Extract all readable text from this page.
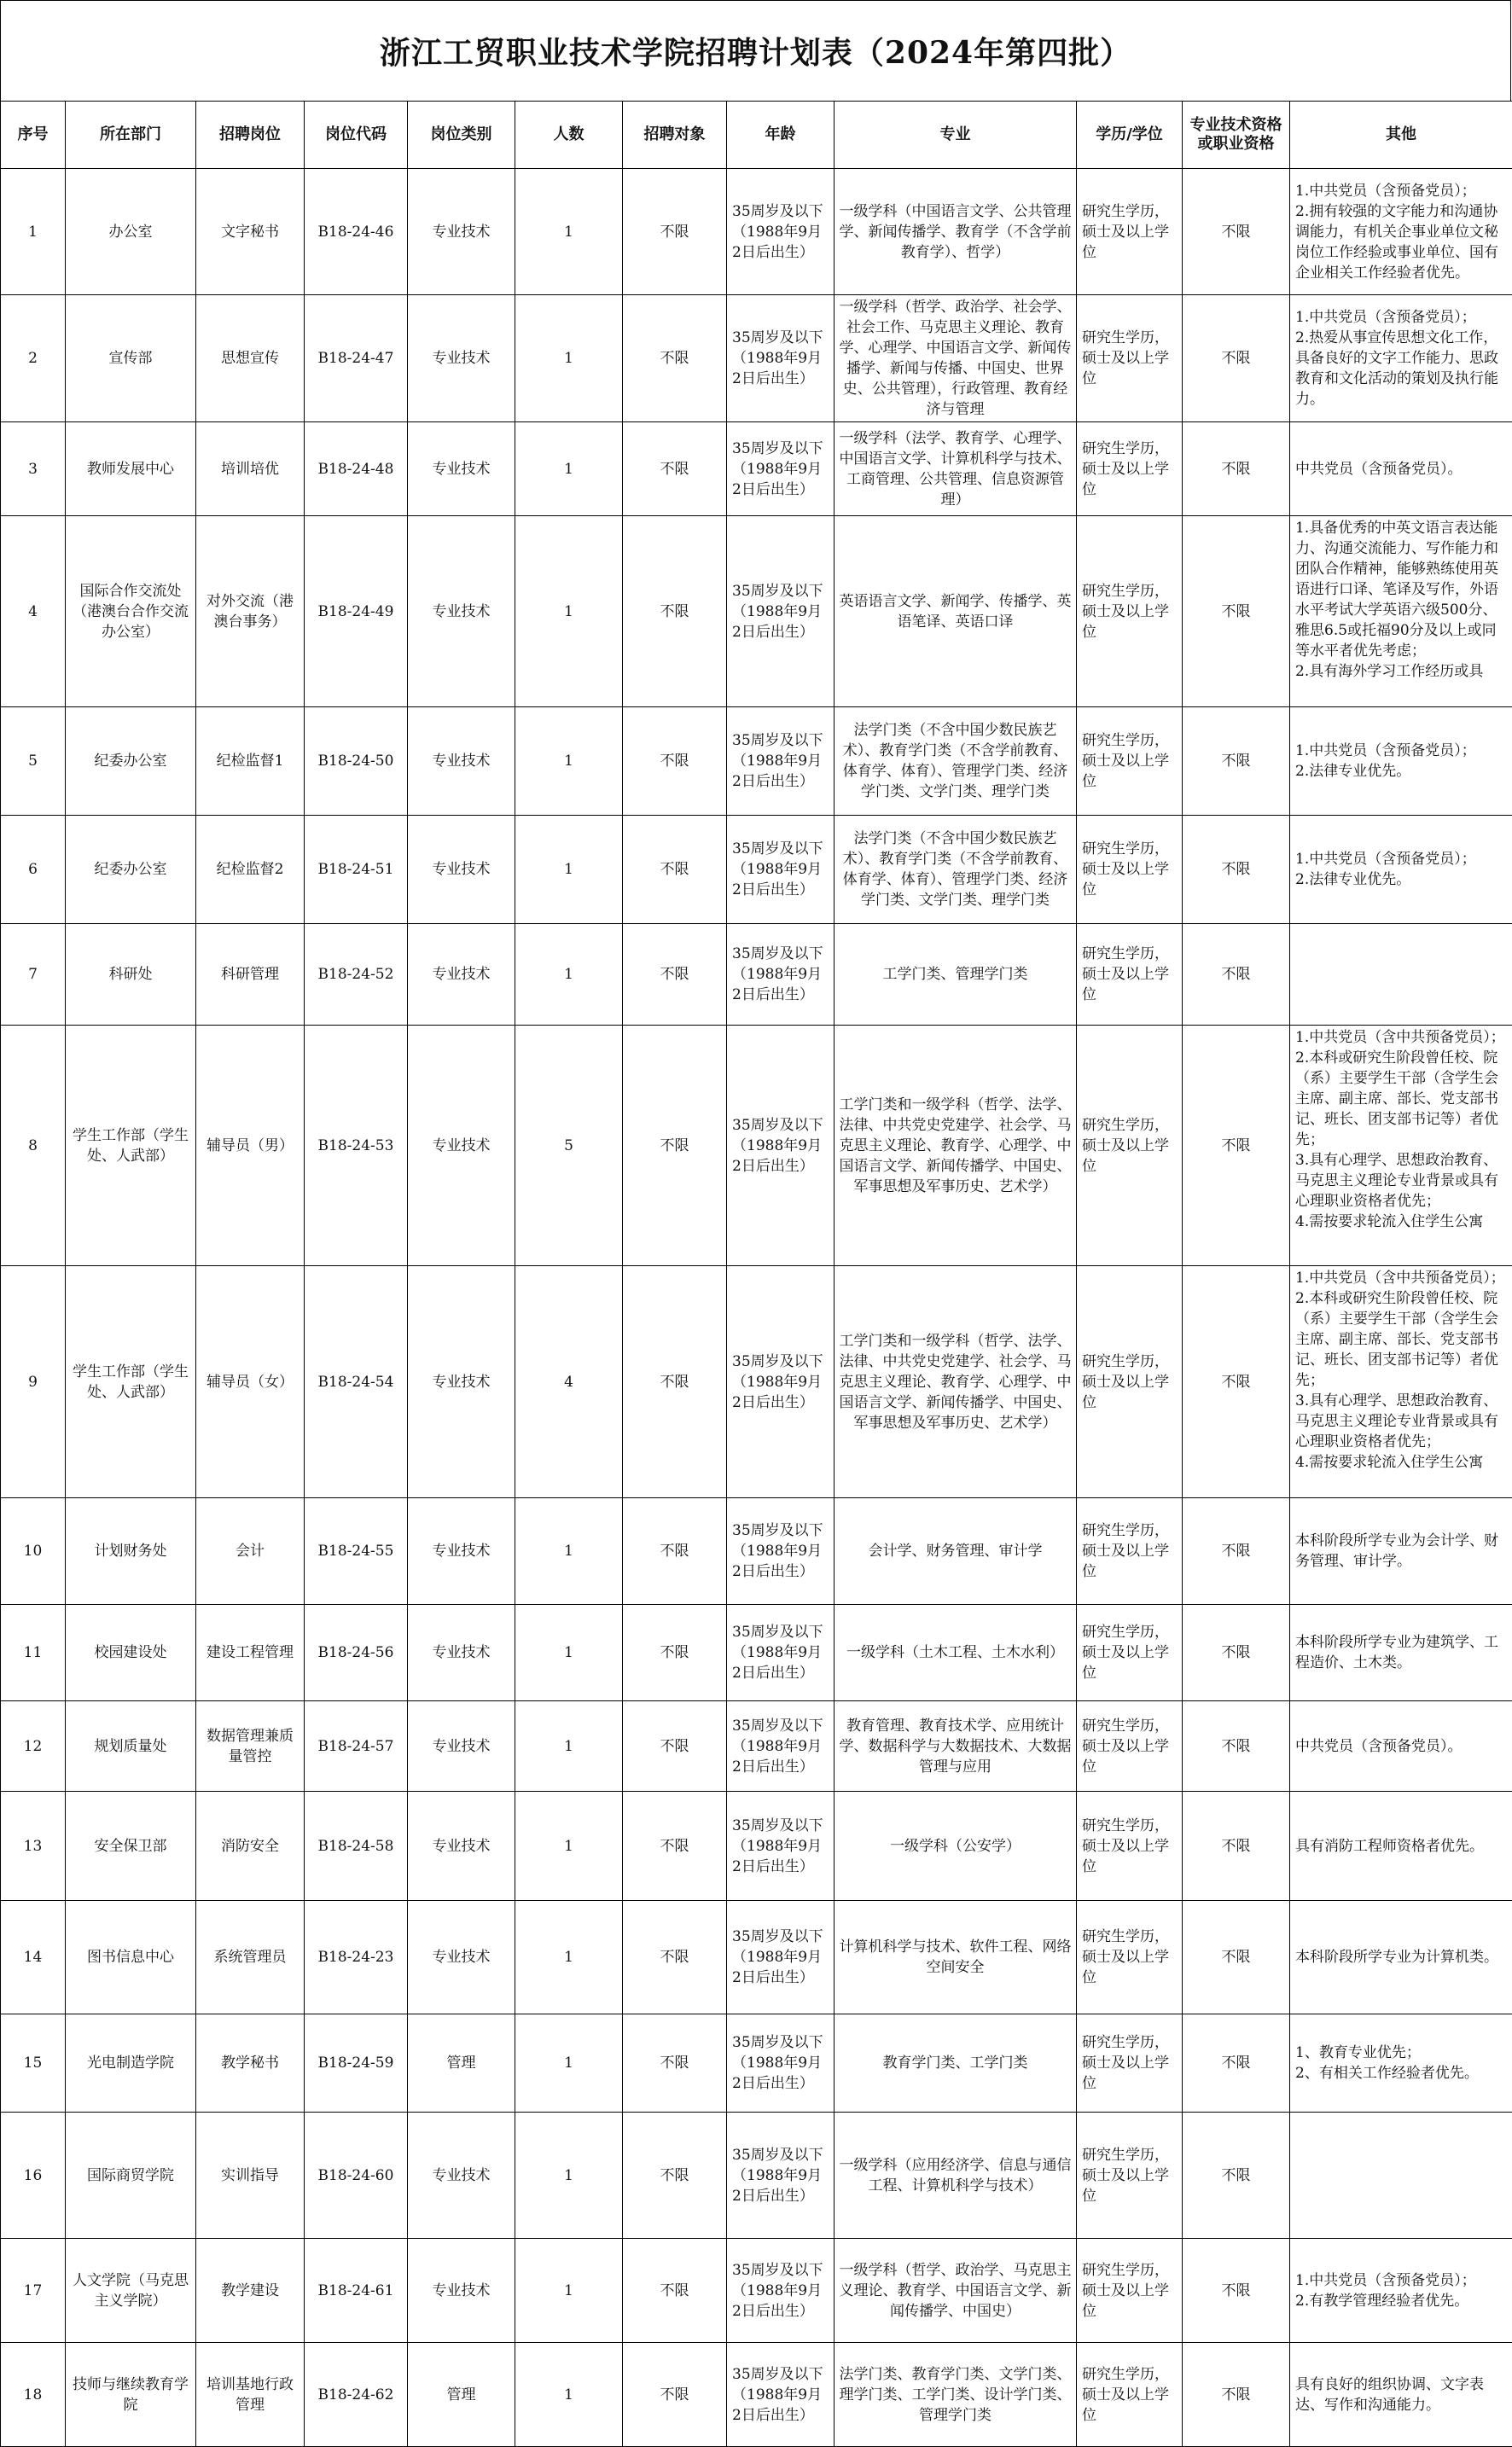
浙江工贸职业技术学院招聘计划表（2024年第四批）
序号	所在部门	招聘岗位	岗位代码	岗位类别	人数	招聘对象	年龄	专业	学历/学位	专业技术资格或职业资格	其他
1	办公室	文字秘书	B18-24-46	专业技术	1	不限	35周岁及以下（1988年9月2日后出生）	一级学科（中国语言文学、公共管理学、新闻传播学、教育学（不含学前教育学）、哲学）	研究生学历，硕士及以上学位	不限	1.中共党员（含预备党员）；
2.拥有较强的文字能力和沟通协调能力，有机关企事业单位文秘岗位工作经验或事业单位、国有企业相关工作经验者优先。
2	宣传部	思想宣传	B18-24-47	专业技术	1	不限	35周岁及以下（1988年9月2日后出生）	一级学科（哲学、政治学、社会学、社会工作、马克思主义理论、教育学、心理学、中国语言文学、新闻传播学、新闻与传播、中国史、世界史、公共管理），行政管理、教育经济与管理	研究生学历，硕士及以上学位	不限	1.中共党员（含预备党员）；
2.热爱从事宣传思想文化工作，具备良好的文字工作能力、思政教育和文化活动的策划及执行能力。
3	教师发展中心	培训培优	B18-24-48	专业技术	1	不限	35周岁及以下（1988年9月2日后出生）	一级学科（法学、教育学、心理学、中国语言文学、计算机科学与技术、工商管理、公共管理、信息资源管理）	研究生学历，硕士及以上学位	不限	中共党员（含预备党员）。
4	国际合作交流处（港澳台合作交流办公室）	对外交流（港澳台事务）	B18-24-49	专业技术	1	不限	35周岁及以下（1988年9月2日后出生）	英语语言文学、新闻学、传播学、英语笔译、英语口译	研究生学历，硕士及以上学位	不限	1.具备优秀的中英文语言表达能力、沟通交流能力、写作能力和团队合作精神，能够熟练使用英语进行口译、笔译及写作，外语水平考试大学英语六级500分、雅思6.5或托福90分及以上或同等水平者优先考虑；
2.具有海外学习工作经历或具

5	纪委办公室	纪检监督1	B18-24-50	专业技术	1	不限	35周岁及以下（1988年9月2日后出生）	法学门类（不含中国少数民族艺术）、教育学门类（不含学前教育、体育学、体育）、管理学门类、经济学门类、文学门类、理学门类	研究生学历，硕士及以上学位	不限	1.中共党员（含预备党员）；
2.法律专业优先。
6	纪委办公室	纪检监督2	B18-24-51	专业技术	1	不限	35周岁及以下（1988年9月2日后出生）	法学门类（不含中国少数民族艺术）、教育学门类（不含学前教育、体育学、体育）、管理学门类、经济学门类、文学门类、理学门类	研究生学历，硕士及以上学位	不限	1.中共党员（含预备党员）；
2.法律专业优先。
7	科研处	科研管理	B18-24-52	专业技术	1	不限	35周岁及以下（1988年9月2日后出生）	工学门类、管理学门类	研究生学历，硕士及以上学位	不限	
8	学生工作部（学生处、人武部）	辅导员（男）	B18-24-53	专业技术	5	不限	35周岁及以下（1988年9月2日后出生）	工学门类和一级学科（哲学、法学、法律、中共党史党建学、社会学、马克思主义理论、教育学、心理学、中国语言文学、新闻传播学、中国史、军事思想及军事历史、艺术学）	研究生学历，硕士及以上学位	不限	1.中共党员（含中共预备党员）；
2.本科或研究生阶段曾任校、院（系）主要学生干部（含学生会主席、副主席、部长、党支部书记、班长、团支部书记等）者优先；
3.具有心理学、思想政治教育、马克思主义理论专业背景或具有心理职业资格者优先；
4.需按要求轮流入住学生公寓

9	学生工作部（学生处、人武部）	辅导员（女）	B18-24-54	专业技术	4	不限	35周岁及以下（1988年9月2日后出生）	工学门类和一级学科（哲学、法学、法律、中共党史党建学、社会学、马克思主义理论、教育学、心理学、中国语言文学、新闻传播学、中国史、军事思想及军事历史、艺术学）	研究生学历，硕士及以上学位	不限	1.中共党员（含中共预备党员）；
2.本科或研究生阶段曾任校、院（系）主要学生干部（含学生会主席、副主席、部长、党支部书记、班长、团支部书记等）者优先；
3.具有心理学、思想政治教育、马克思主义理论专业背景或具有心理职业资格者优先；
4.需按要求轮流入住学生公寓

10	计划财务处	会计	B18-24-55	专业技术	1	不限	35周岁及以下（1988年9月2日后出生）	会计学、财务管理、审计学	研究生学历，硕士及以上学位	不限	本科阶段所学专业为会计学、财务管理、审计学。
11	校园建设处	建设工程管理	B18-24-56	专业技术	1	不限	35周岁及以下（1988年9月2日后出生）	一级学科（土木工程、土木水利）	研究生学历，硕士及以上学位	不限	本科阶段所学专业为建筑学、工程造价、土木类。
12	规划质量处	数据管理兼质量管控	B18-24-57	专业技术	1	不限	35周岁及以下（1988年9月2日后出生）	教育管理、教育技术学、应用统计学、数据科学与大数据技术、大数据管理与应用	研究生学历，硕士及以上学位	不限	中共党员（含预备党员）。
13	安全保卫部	消防安全	B18-24-58	专业技术	1	不限	35周岁及以下（1988年9月2日后出生）	一级学科（公安学）	研究生学历，硕士及以上学位	不限	具有消防工程师资格者优先。
14	图书信息中心	系统管理员	B18-24-23	专业技术	1	不限	35周岁及以下（1988年9月2日后出生）	计算机科学与技术、软件工程、网络空间安全	研究生学历，硕士及以上学位	不限	本科阶段所学专业为计算机类。
15	光电制造学院	教学秘书	B18-24-59	管理	1	不限	35周岁及以下（1988年9月2日后出生）	教育学门类、工学门类	研究生学历，硕士及以上学位	不限	1、教育专业优先；
2、有相关工作经验者优先。
16	国际商贸学院	实训指导	B18-24-60	专业技术	1	不限	35周岁及以下（1988年9月2日后出生）	一级学科（应用经济学、信息与通信工程、计算机科学与技术）	研究生学历，硕士及以上学位	不限	
17	人文学院（马克思主义学院）	教学建设	B18-24-61	专业技术	1	不限	35周岁及以下（1988年9月2日后出生）	一级学科（哲学、政治学、马克思主义理论、教育学、中国语言文学、新闻传播学、中国史）	研究生学历，硕士及以上学位	不限	1.中共党员（含预备党员）；
2.有教学管理经验者优先。
18	技师与继续教育学院	培训基地行政管理	B18-24-62	管理	1	不限	35周岁及以下（1988年9月2日后出生）	法学门类、教育学门类、文学门类、理学门类、工学门类、设计学门类、管理学门类	研究生学历，硕士及以上学位	不限	具有良好的组织协调、文字表达、写作和沟通能力。
